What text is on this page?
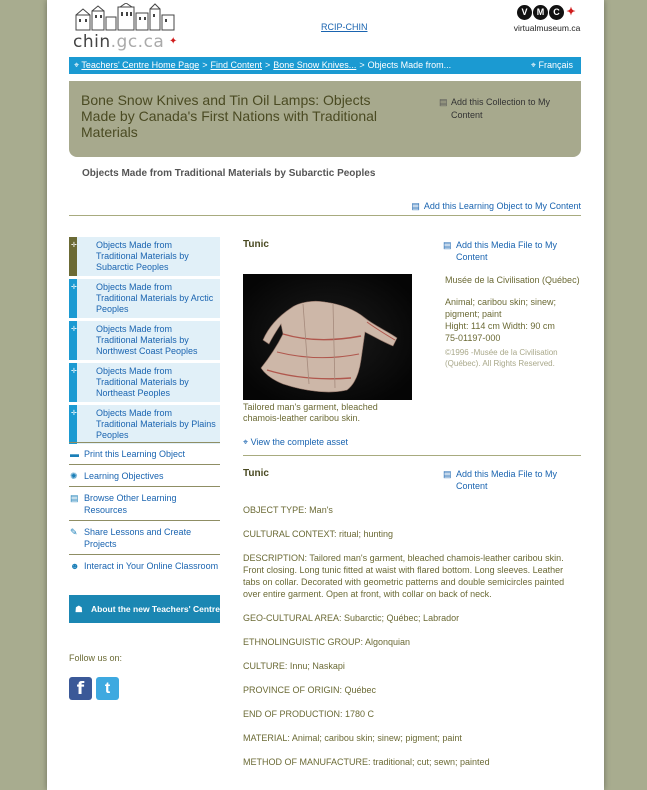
chin.gc.ca ✦
RCIP-CHIN
V	M	C ✦
virtualmuseum.ca
⌖ Teachers' Centre Home Page > Find Content > Bone Snow Knives... > Objects Made from...	⌖ Français
Bone Snow Knives and Tin Oil Lamps: Objects Made by Canada's First Nations with Traditional Materials
▤ Add this Collection to My Content
Objects Made from Traditional Materials by Subarctic Peoples
▤ Add this Learning Object to My Content
✛ Objects Made from Traditional Materials by Subarctic Peoples
✛ Objects Made from Traditional Materials by Arctic Peoples
✛ Objects Made from Traditional Materials by Northwest Coast Peoples
✛ Objects Made from Traditional Materials by Northeast Peoples
✛ Objects Made from Traditional Materials by Plains Peoples
▬ Print this Learning Object
✺ Learning Objectives
▤ Browse Other Learning Resources
✎ Share Lessons and Create Projects
☻ Interact in Your Online Classroom
☗ About the new Teachers' Centre
Follow us on:
f	t
Tunic	▤ Add this Media File to My Content
Tailored man's garment, bleached chamois-leather caribou skin.
Musée de la Civilisation (Québec)
Animal; caribou skin; sinew; pigment; paint
Hight: 114 cm Width: 90 cm
75-01197-000
©1996 -Musée de la Civilisation (Québec). All Rights Reserved.
⌖ View the complete asset
Tunic	▤ Add this Media File to My Content
OBJECT TYPE: Man's
CULTURAL CONTEXT: ritual; hunting
DESCRIPTION: Tailored man's garment, bleached chamois-leather caribou skin. Front closing. Long tunic fitted at waist with flared bottom. Long sleeves. Leather tabs on collar. Decorated with geometric patterns and double semicircles painted over entire garment. Open at front, with collar on back of neck.
GEO-CULTURAL AREA: Subarctic; Québec; Labrador
ETHNOLINGUISTIC GROUP: Algonquian
CULTURE: Innu; Naskapi
PROVINCE OF ORIGIN: Québec
END OF PRODUCTION: 1780 C
MATERIAL: Animal; caribou skin; sinew; pigment; paint
METHOD OF MANUFACTURE: traditional; cut; sewn; painted
